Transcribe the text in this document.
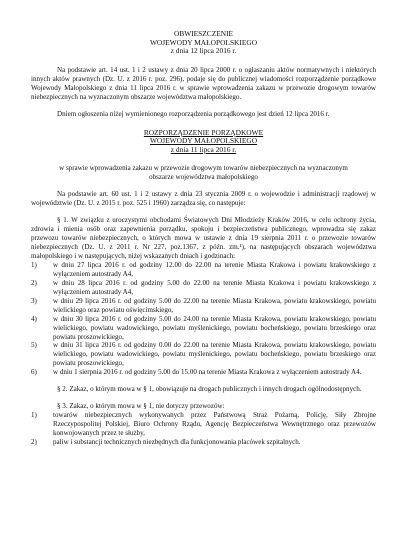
OBWIESZCZENIE
WOJEWODY MAŁOPOLSKIEGO
z dnia 12 lipca 2016 r.

Na podstawie art. 14 ust. 1 i 2 ustawy z dnia 20 lipca 2000 r. o ogłaszaniu aktów normatywnych i niektórych innych aktów prawnych (Dz. U. z 2016 r. poz. 296), podaje się do publicznej wiadomości rozporządzenie porządkowe Wojewody Małopolskiego z dnia 11 lipca 2016 r. w sprawie wprowadzenia zakazu w przewozie drogowym towarów niebezpiecznych na wyznaczonym obszarze województwa małopolskiego.

Dniem ogłoszenia niżej wymienionego rozporządzenia porządkowego jest dzień 12 lipca 2016 r.

ROZPORZĄDZENIE PORZĄDKOWE
WOJEWODY MAŁOPOLSKIEGO
z dnia 11 lipca 2016 r.

w sprawie wprowadzenia zakazu w przewozie drogowym towarów niebezpiecznych na wyznaczonym obszarze województwa małopolskiego

Na podstawie art. 60 ust. 1 i 2 ustawy z dnia 23 stycznia 2009 r. o wojewodzie i administracji rządowej w województwie (Dz. U. z 2015 r. poz. 525 i 1960) zarządza się, co następuje:

§ 1. W związku z uroczystymi obchodami Światowych Dni Młodzieży Kraków 2016, w celu ochrony życia, zdrowia i mienia osób oraz zapewnienia porządku, spokoju i bezpieczeństwa publicznego, wprowadza się zakaz przewozu towarów niebezpiecznych, o których mowa w ustawie z dnia 19 sierpnia 2011 r. o przewozie towarów niebezpiecznych (Dz. U. z 2011 r. Nr 227, poz.1367, z późn. zm.¹), na następujących obszarach województwa małopolskiego i w następujących, niżej wskazanych dniach i godzinach:

1)	w dniu 27 lipca 2016 r. od godziny 12.00 do 22.00 na terenie Miasta Krakowa i powiatu krakowskiego z wyłączeniem autostrady A4,
2)	w dniu 28 lipca 2016 r. od godziny 5.00 do 22.00 na terenie Miasta Krakowa i powiatu krakowskiego z wyłączeniem autostrady A4,
3)	w dniu 29 lipca 2016 r. od godziny 5.00 do 22.00 na terenie Miasta Krakowa, powiatu krakowskiego, powiatu wielickiego oraz powiatu oświęcimskiego,
4)	w dniu 30 lipca 2016 r. od godziny 5.00 do 24.00 na terenie Miasta Krakowa, powiatu krakowskiego, powiatu wielickiego, powiatu wadowickiego, powiatu myślenickiego, powiatu bocheńskiego, powiatu brzeskiego oraz powiatu proszowickiego,
5)	w dniu 31 lipca 2016 r. od godziny 0.00 do 22.00 na terenie Miasta Krakowa, powiatu krakowskiego, powiatu wielickiego, powiatu wadowickiego, powiatu myślenickiego, powiatu bocheńskiego, powiatu brzeskiego oraz powiatu proszowickiego,
6)	w dniu 1 sierpnia 2016 r. od godziny 5.00 do 15.00 na terenie Miasta Krakowa z wyłączeniem autostrady A4.

§ 2. Zakaz, o którym mowa w § 1, obowiązuje na drogach publicznych i innych drogach ogólnodostępnych.

§ 3. Zakaz, o którym mowa w § 1, nie dotyczy przewozów:

1)	towarów niebezpiecznych wykonywanych przez Państwową Straż Pożarną, Policję, Siły Zbrojne Rzeczypospolitej Polskiej, Biuro Ochrony Rządu, Agencję Bezpieczeństwa Wewnętrznego oraz przewozów konwojowanych przez te służby,
2)	paliw i substancji technicznych niezbędnych dla funkcjonowania placówek szpitalnych.
